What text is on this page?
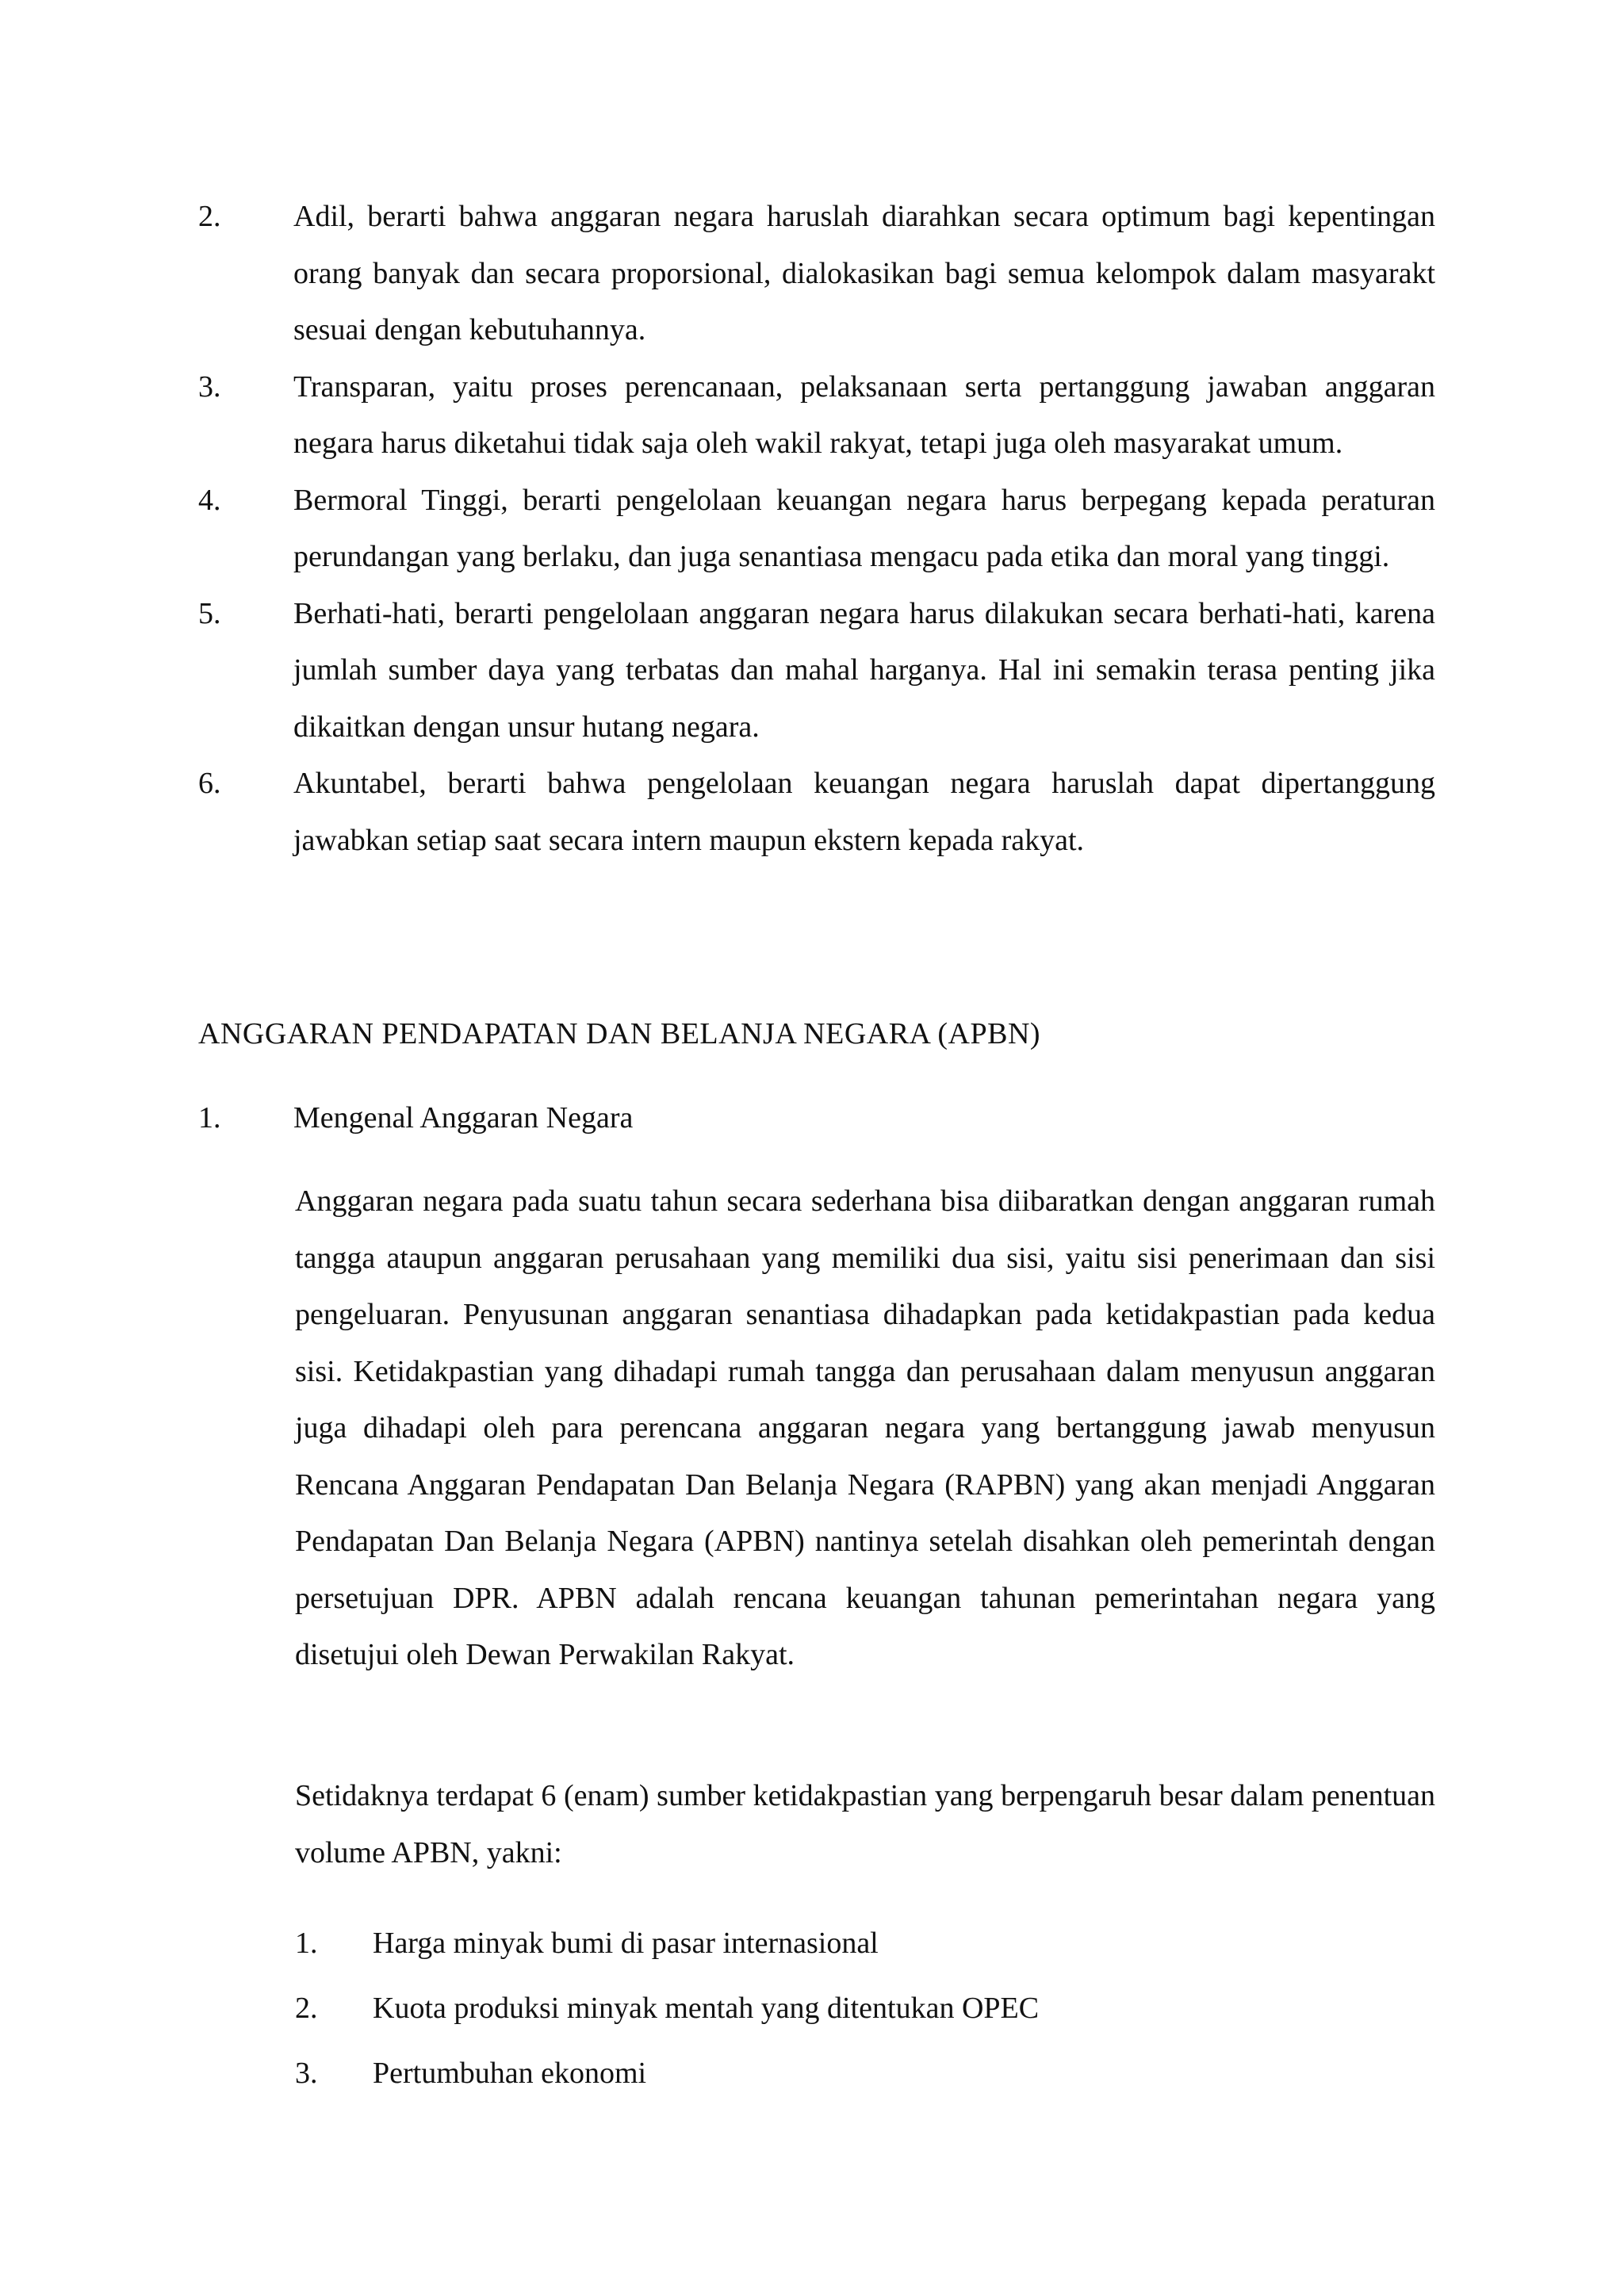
2.	Adil, berarti bahwa anggaran negara haruslah diarahkan secara optimum bagi kepentingan orang banyak dan secara proporsional, dialokasikan bagi semua kelompok dalam masyarakt sesuai dengan kebutuhannya.
3.	Transparan, yaitu proses perencanaan, pelaksanaan serta pertanggung jawaban anggaran negara harus diketahui tidak saja oleh wakil rakyat, tetapi juga oleh masyarakat umum.
4.	Bermoral Tinggi, berarti pengelolaan keuangan negara harus berpegang kepada peraturan perundangan yang berlaku, dan juga senantiasa mengacu pada etika dan moral yang tinggi.
5.	Berhati-hati, berarti pengelolaan anggaran negara harus dilakukan secara berhati-hati, karena jumlah sumber daya yang terbatas dan mahal harganya. Hal ini semakin terasa penting jika dikaitkan dengan unsur hutang negara.
6.	Akuntabel, berarti bahwa pengelolaan keuangan negara haruslah dapat dipertanggung jawabkan setiap saat secara intern maupun ekstern kepada rakyat.
ANGGARAN PENDAPATAN DAN BELANJA NEGARA (APBN)
1.	Mengenal Anggaran Negara
Anggaran negara pada suatu tahun secara sederhana bisa diibaratkan dengan anggaran rumah tangga ataupun anggaran perusahaan yang memiliki dua sisi, yaitu sisi penerimaan dan sisi pengeluaran. Penyusunan anggaran senantiasa dihadapkan pada ketidakpastian pada kedua sisi. Ketidakpastian yang dihadapi rumah tangga dan perusahaan dalam menyusun anggaran juga dihadapi oleh para perencana anggaran negara yang bertanggung jawab menyusun Rencana Anggaran Pendapatan Dan Belanja Negara (RAPBN) yang akan menjadi Anggaran Pendapatan Dan Belanja Negara (APBN) nantinya setelah disahkan oleh pemerintah dengan persetujuan DPR. APBN adalah rencana keuangan tahunan pemerintahan negara yang disetujui oleh Dewan Perwakilan Rakyat.
Setidaknya terdapat 6 (enam) sumber ketidakpastian yang berpengaruh besar dalam penentuan volume APBN, yakni:
1.	Harga minyak bumi di pasar internasional
2.	Kuota produksi minyak mentah yang ditentukan OPEC
3.	Pertumbuhan ekonomi
